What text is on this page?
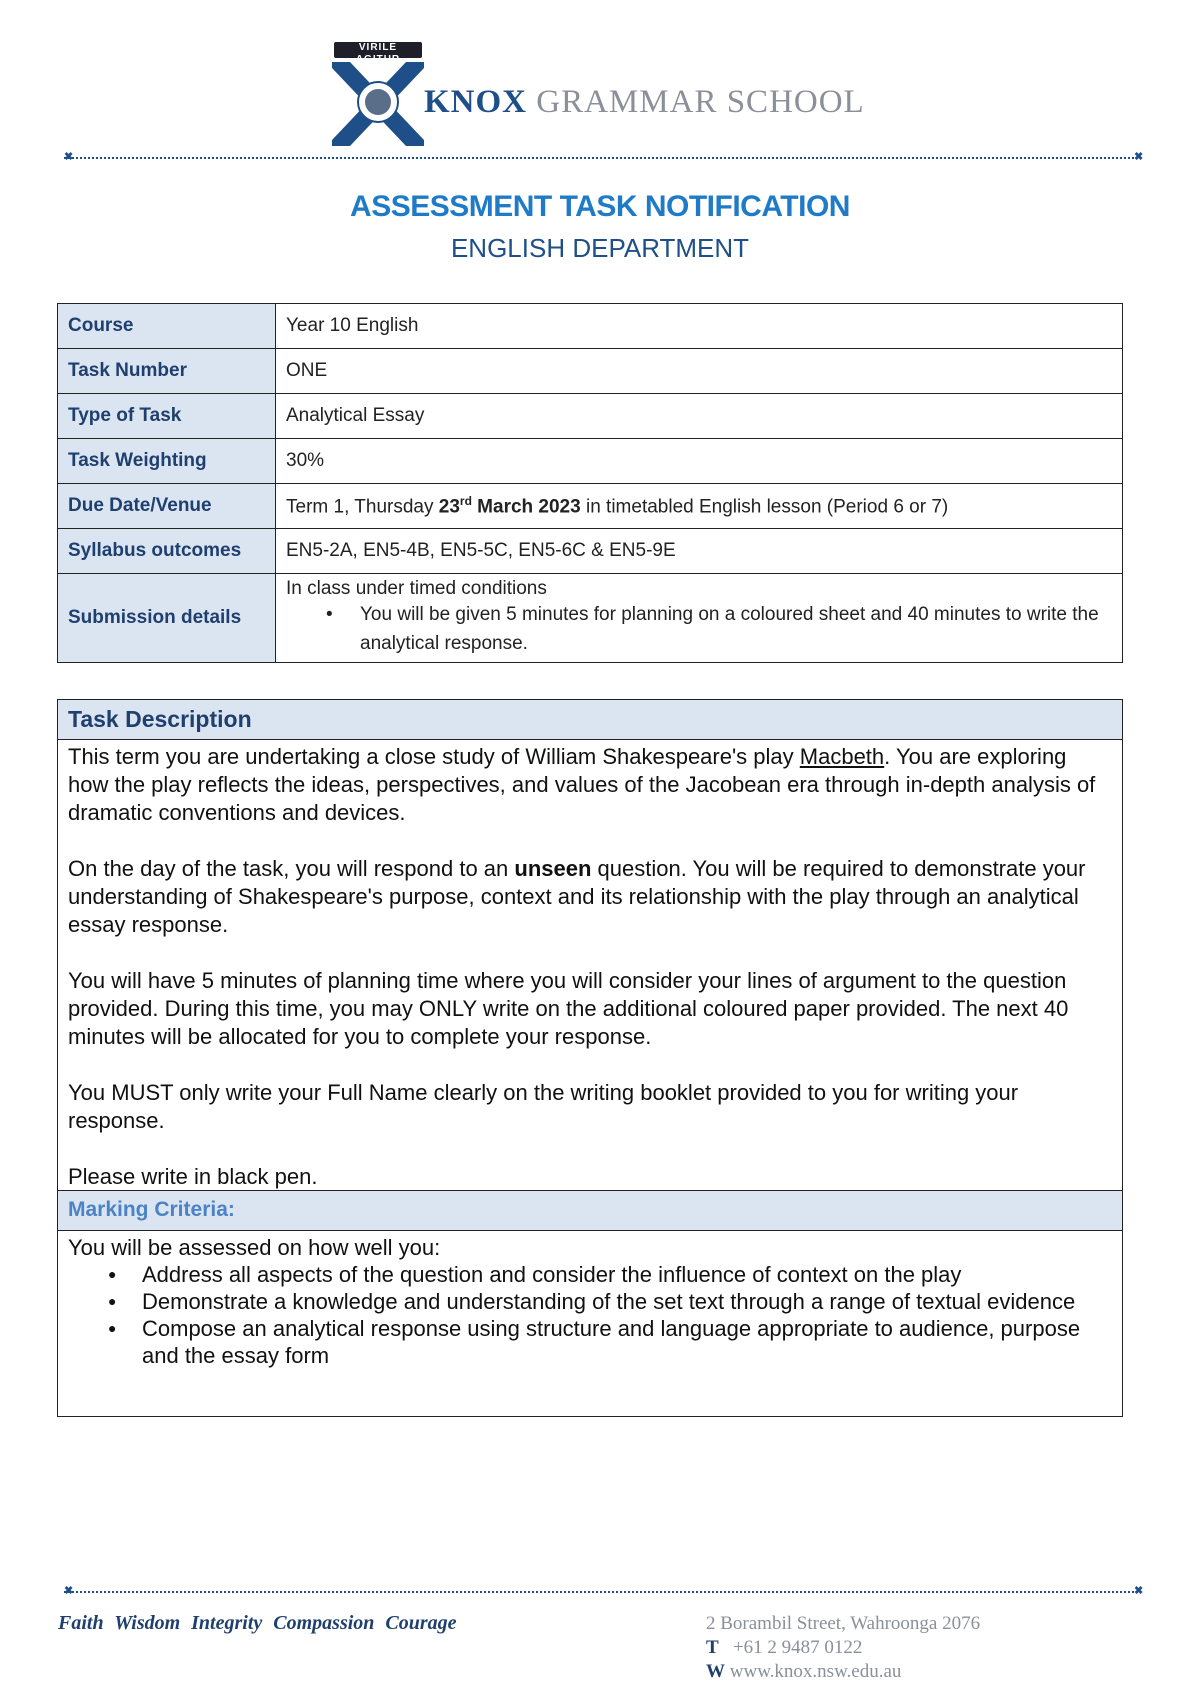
VIRILE AGITUR
KNOX GRAMMAR SCHOOL
✖	✖
ASSESSMENT TASK NOTIFICATION
ENGLISH DEPARTMENT
Course	Year 10 English
Task Number	ONE
Type of Task	Analytical Essay
Task Weighting	30%
Due Date/Venue	Term 1, Thursday 23rd March 2023 in timetabled English lesson (Period 6 or 7)
Syllabus outcomes	EN5-2A, EN5-4B, EN5-5C, EN5-6C & EN5-9E
Submission details	In class under timed conditions
• You will be given 5 minutes for planning on a coloured sheet and 40 minutes to write the analytical response.
Task Description

This term you are undertaking a close study of William Shakespeare's play Macbeth. You are exploring how the play reflects the ideas, perspectives, and values of the Jacobean era through in-depth analysis of dramatic conventions and devices.

On the day of the task, you will respond to an unseen question. You will be required to demonstrate your understanding of Shakespeare's purpose, context and its relationship with the play through an analytical essay response.

You will have 5 minutes of planning time where you will consider your lines of argument to the question provided. During this time, you may ONLY write on the additional coloured paper provided. The next 40 minutes will be allocated for you to complete your response.

You MUST only write your Full Name clearly on the writing booklet provided to you for writing your response.

Please write in black pen.

Marking Criteria:
You will be assessed on how well you:
● Address all aspects of the question and consider the influence of context on the play
● Demonstrate a knowledge and understanding of the set text through a range of textual evidence
● Compose an analytical response using structure and language appropriate to audience, purpose and the essay form
✖	✖
Faith Wisdom Integrity Compassion Courage	2 Borambil Street, Wahroonga 2076
T +61 2 9487 0122
W www.knox.nsw.edu.au
